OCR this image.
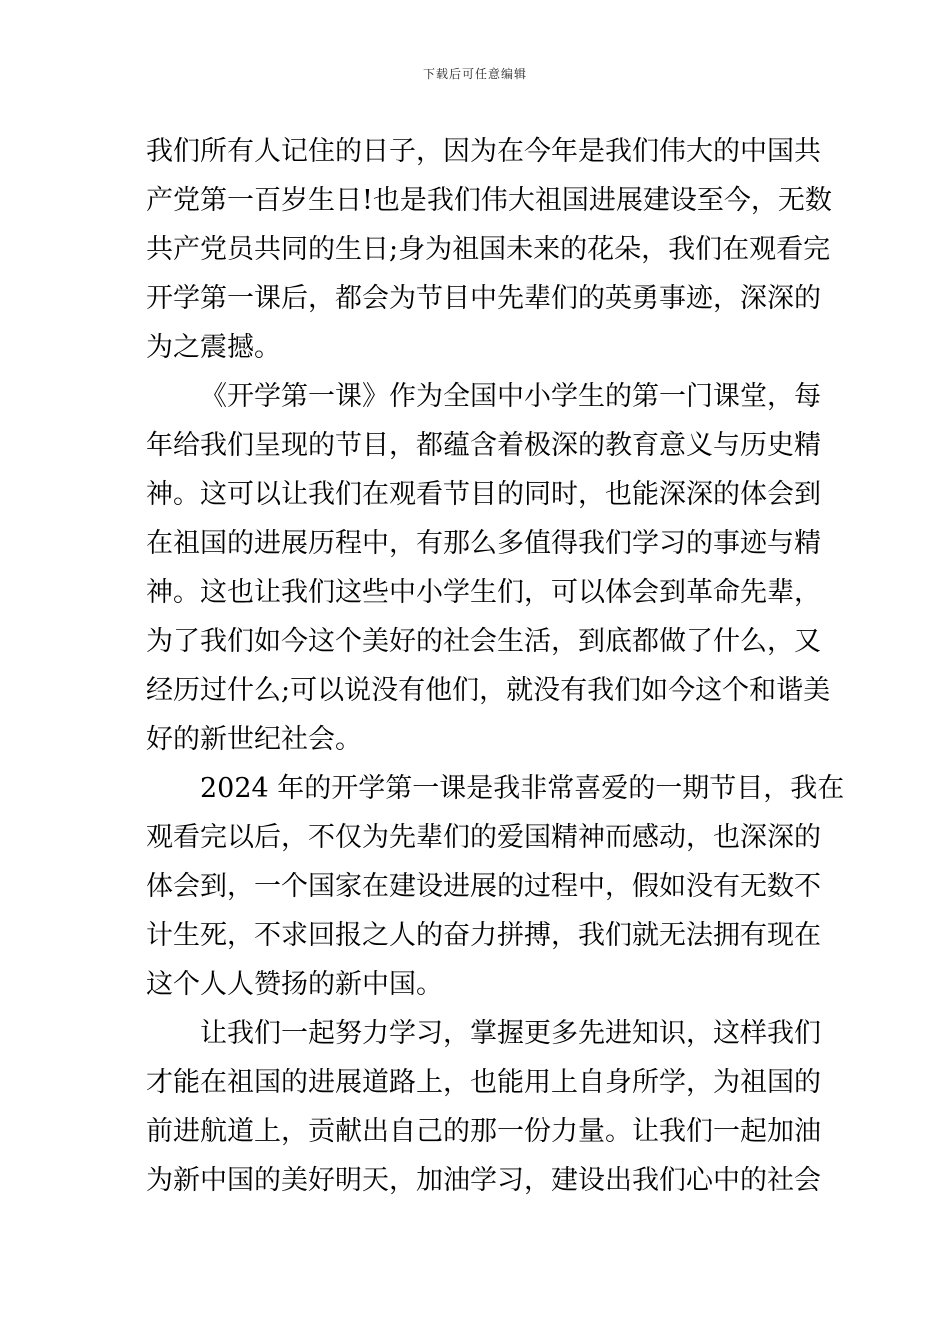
下载后可任意编辑
我们所有人记住的日子，因为在今年是我们伟大的中国共
产党第一百岁生日!也是我们伟大祖国进展建设至今，无数
共产党员共同的生日;身为祖国未来的花朵，我们在观看完
开学第一课后，都会为节目中先辈们的英勇事迹，深深的
为之震撼。
《开学第一课》作为全国中小学生的第一门课堂，每
年给我们呈现的节目，都蕴含着极深的教育意义与历史精
神。这可以让我们在观看节目的同时，也能深深的体会到
在祖国的进展历程中，有那么多值得我们学习的事迹与精
神。这也让我们这些中小学生们，可以体会到革命先辈，
为了我们如今这个美好的社会生活，到底都做了什么，又
经历过什么;可以说没有他们，就没有我们如今这个和谐美
好的新世纪社会。
2024 年的开学第一课是我非常喜爱的一期节目，我在
观看完以后，不仅为先辈们的爱国精神而感动，也深深的
体会到，一个国家在建设进展的过程中，假如没有无数不
计生死，不求回报之人的奋力拼搏，我们就无法拥有现在
这个人人赞扬的新中国。
让我们一起努力学习，掌握更多先进知识，这样我们
才能在祖国的进展道路上，也能用上自身所学，为祖国的
前进航道上，贡献出自己的那一份力量。让我们一起加油
为新中国的美好明天，加油学习，建设出我们心中的社会
